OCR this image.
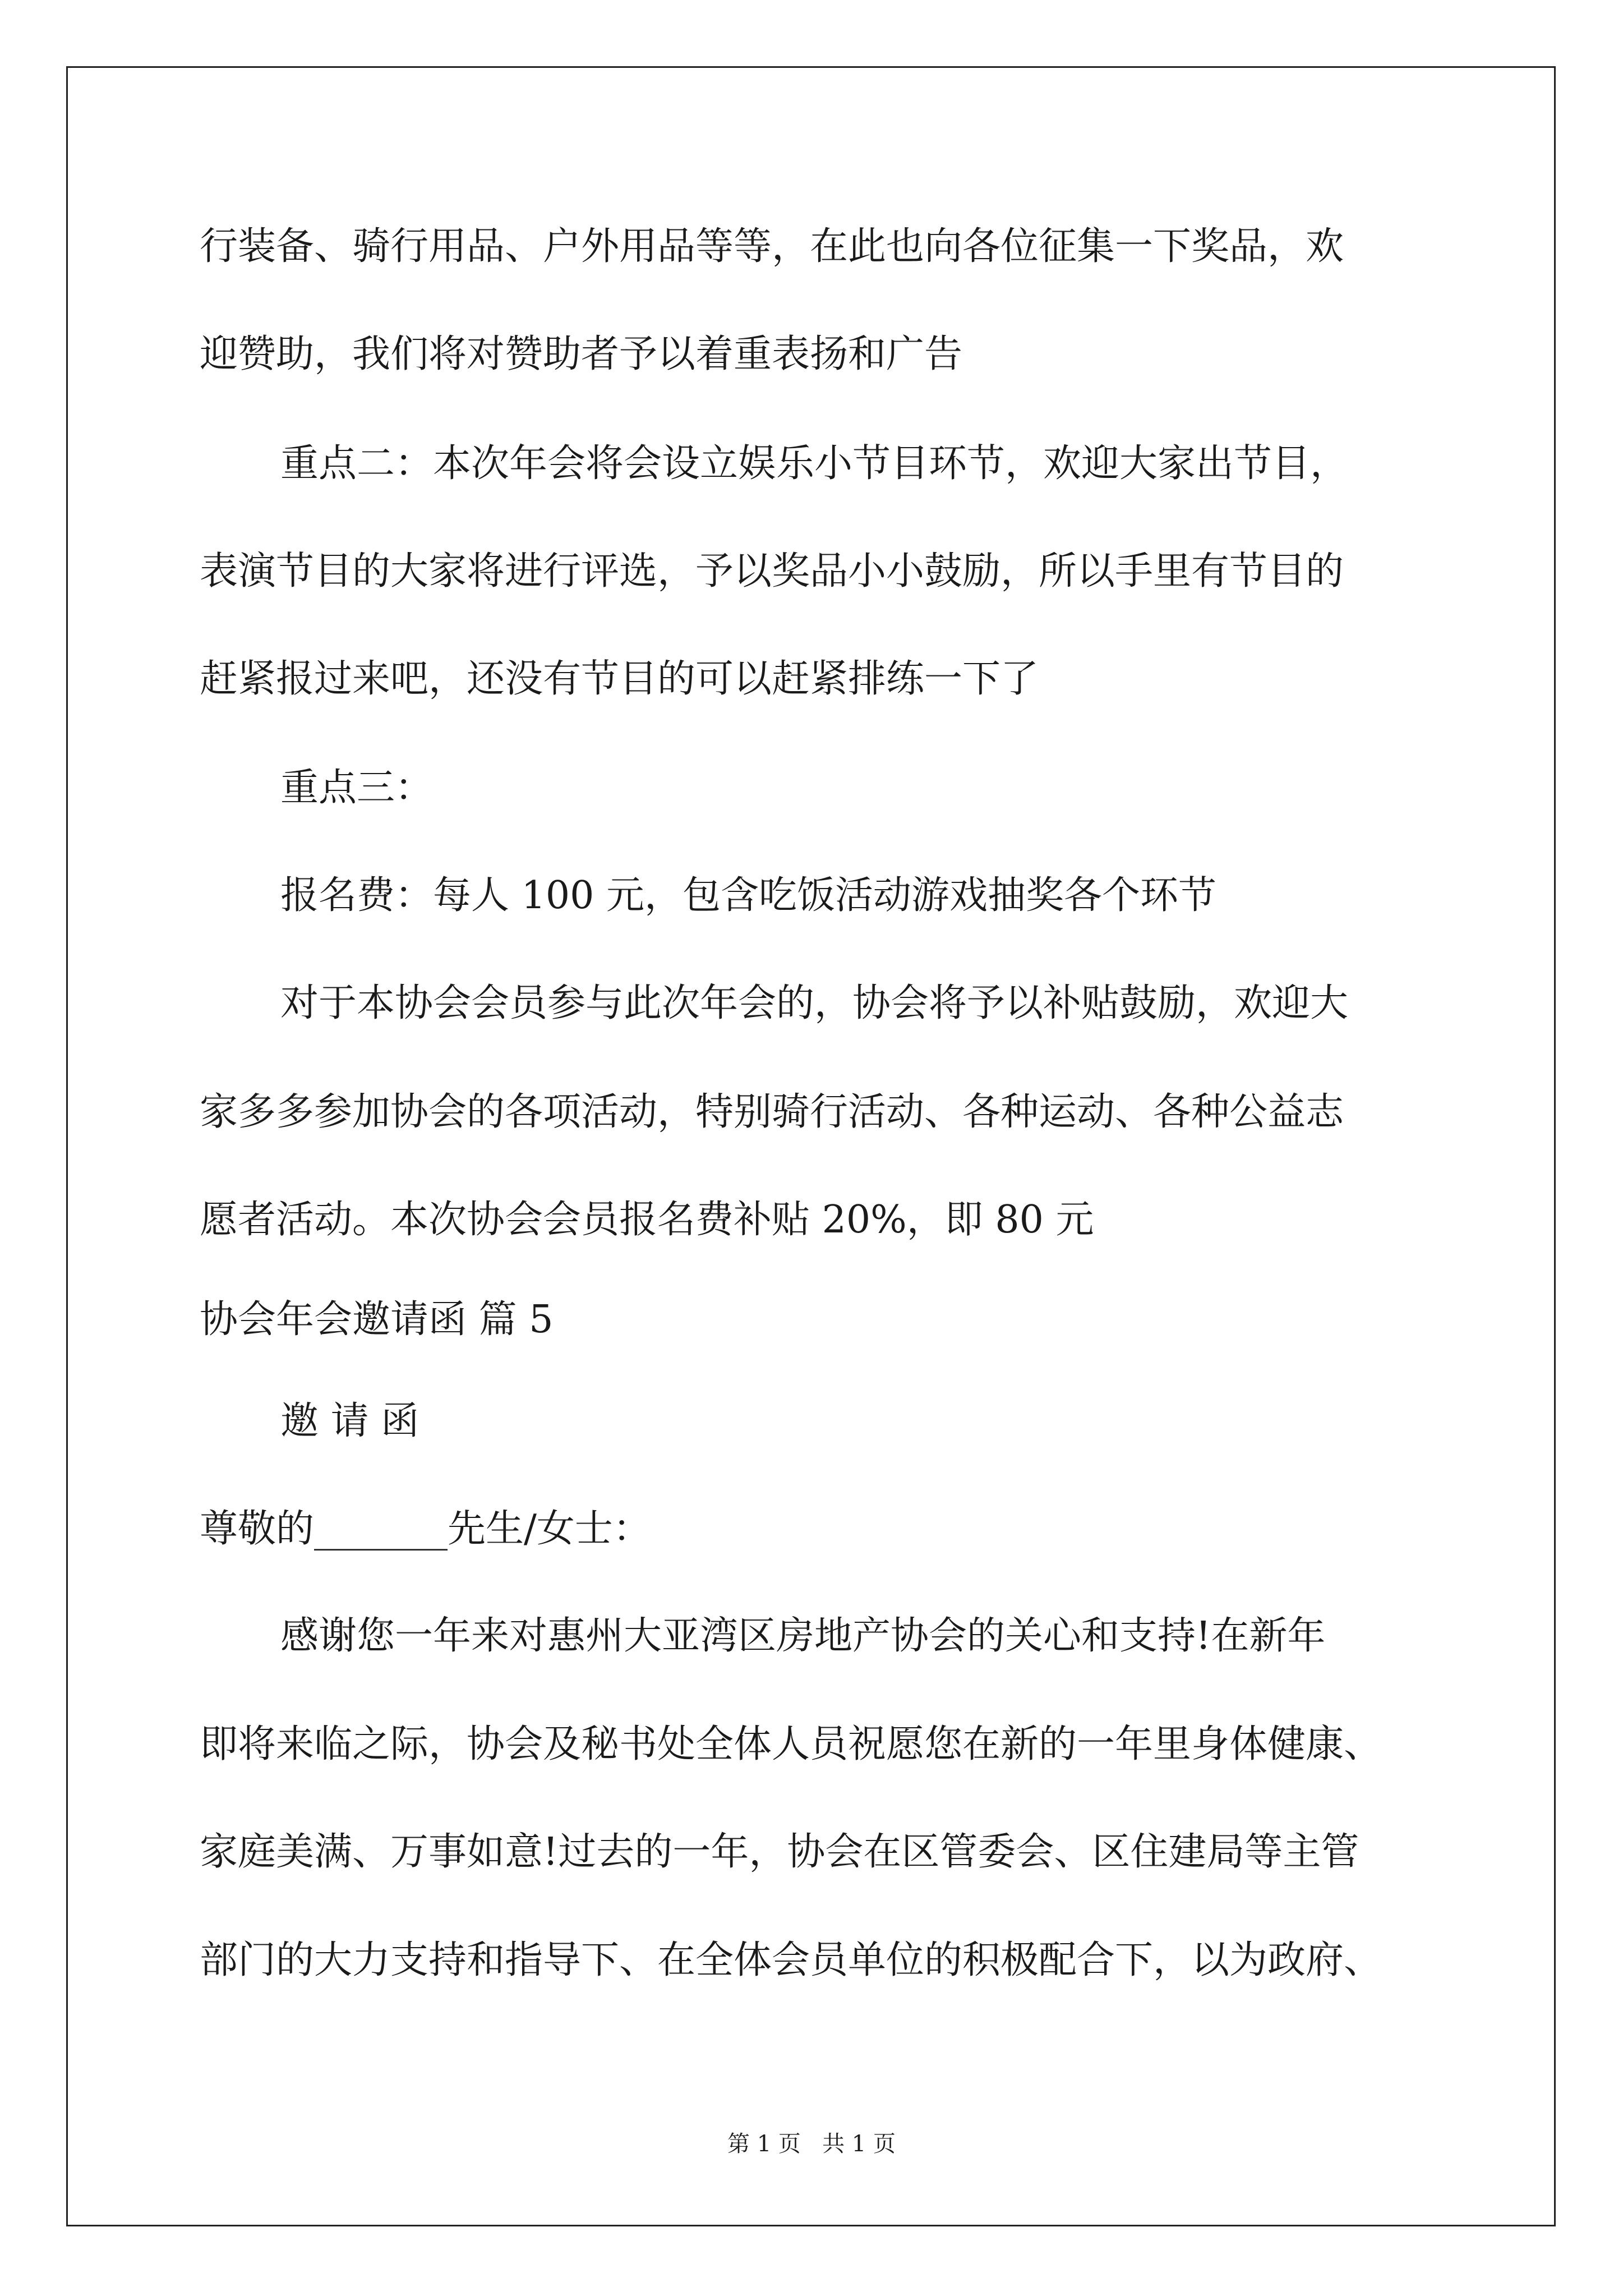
行装备、骑行用品、户外用品等等，在此也向各位征集一下奖品，欢
迎赞助，我们将对赞助者予以着重表扬和广告
重点二：本次年会将会设立娱乐小节目环节，欢迎大家出节目，
表演节目的大家将进行评选，予以奖品小小鼓励，所以手里有节目的
赶紧报过来吧，还没有节目的可以赶紧排练一下了
重点三：
报名费：每人 100 元，包含吃饭活动游戏抽奖各个环节
对于本协会会员参与此次年会的，协会将予以补贴鼓励，欢迎大
家多多参加协会的各项活动，特别骑行活动、各种运动、各种公益志
愿者活动。本次协会会员报名费补贴 20%，即 80 元
协会年会邀请函 篇 5
邀 请 函
尊敬的_______先生/女士：
感谢您一年来对惠州大亚湾区房地产协会的关心和支持!在新年
即将来临之际，协会及秘书处全体人员祝愿您在新的一年里身体健康、
家庭美满、万事如意!过去的一年，协会在区管委会、区住建局等主管
部门的大力支持和指导下、在全体会员单位的积极配合下，以为政府、
第 1 页   共 1 页
